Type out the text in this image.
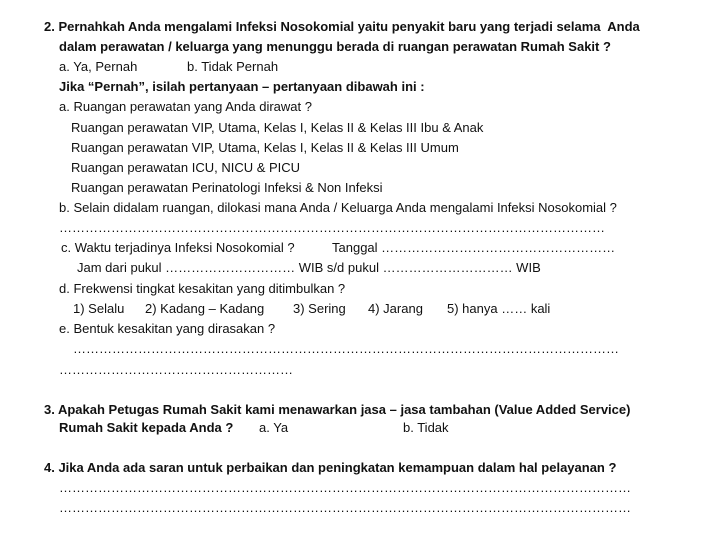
2. Pernahkah Anda mengalami Infeksi Nosokomial yaitu penyakit baru yang terjadi selama  Anda
dalam perawatan / keluarga yang menunggu berada di ruangan perawatan Rumah Sakit ?
a. Ya, Pernah	b. Tidak Pernah
Jika “Pernah”, isilah pertanyaan – pertanyaan dibawah ini :
a. Ruangan perawatan yang Anda dirawat ?
Ruangan perawatan VIP, Utama, Kelas I, Kelas II & Kelas III Ibu & Anak
Ruangan perawatan VIP, Utama, Kelas I, Kelas II & Kelas III Umum
Ruangan perawatan ICU, NICU & PICU
Ruangan perawatan Perinatologi Infeksi & Non Infeksi
b. Selain didalam ruangan, dilokasi mana Anda / Keluarga Anda mengalami Infeksi Nosokomial ?
………………………………………………………………………………………………………………
c. Waktu terjadinya Infeksi Nosokomial ?	Tanggal ………………………………………………
Jam dari pukul ………………………… WIB s/d pukul ………………………… WIB
d. Frekwensi tingkat kesakitan yang ditimbulkan ?
1) Selalu 2) Kadang – Kadang 3) Sering 4) Jarang 5) hanya …… kali
e. Bentuk kesakitan yang dirasakan ?
………………………………………………………………………………………………………………
………………………………………………
3. Apakah Petugas Rumah Sakit kami menawarkan jasa – jasa tambahan (Value Added Service)
Rumah Sakit kepada Anda ? a. Ya	b. Tidak
4. Jika Anda ada saran untuk perbaikan dan peningkatan kemampuan dalam hal pelayanan ?
……………………………………………………………………………………………………………………
……………………………………………………………………………………………………………………
